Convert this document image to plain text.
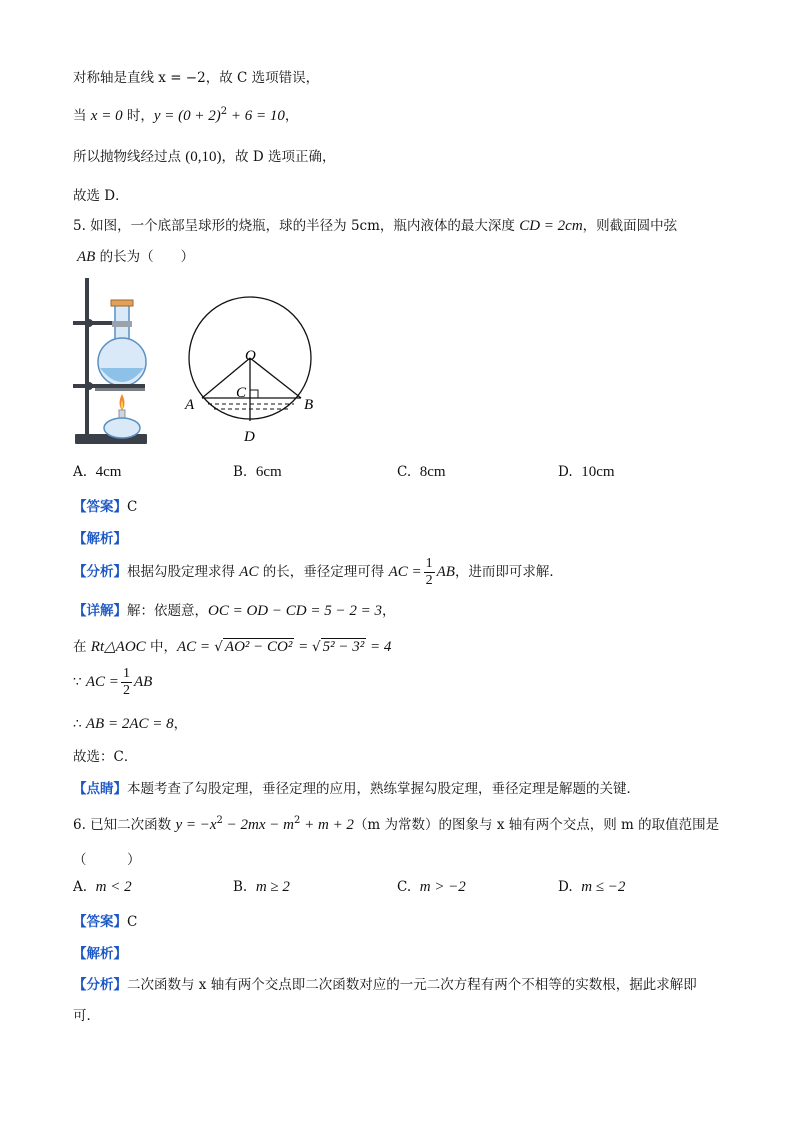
对称轴是直线 x = −2，故 C 选项错误，
当 x = 0 时，$y = (0 + 2)^2 + 6 = 10$，
所以抛物线经过点 (0,10)，故 D 选项正确，
故选 D．
5. 如图，一个底部呈球形的烧瓶，球的半径为 5cm，瓶内液体的最大深度 CD = 2cm，则截面圆中弦
AB 的长为（　　）
O
C
A	B
D
A. 4cm	B. 6cm	C. 8cm	D. 10cm
【答案】C
【解析】
【分析】根据勾股定理求得 AC 的长，垂径定理可得 AC = $\frac{1}{2}$ AB，进而即可求解．
【详解】解：依题意，OC = OD − CD = 5 − 2 = 3，
在 Rt△AOC 中，AC = √ AO² − CO² = √ 5² − 3² = 4
∵ AC = $\frac{1}{2}$ AB
∴ AB = 2AC = 8，
故选：C．
【点睛】本题考查了勾股定理，垂径定理的应用，熟练掌握勾股定理，垂径定理是解题的关键．
6. 已知二次函数 $y = -x^2 - 2mx - m^2 + m + 2(m$ 为常数）的图象与 x 轴有两个交点，则 m 的取值范围是
（　　　）
A. m < 2	B. m ≥ 2	C. m > −2	D. m ≤ −2
【答案】C
【解析】
【分析】二次函数与 x 轴有两个交点即二次函数对应的一元二次方程有两个不相等的实数根，据此求解即
可．
